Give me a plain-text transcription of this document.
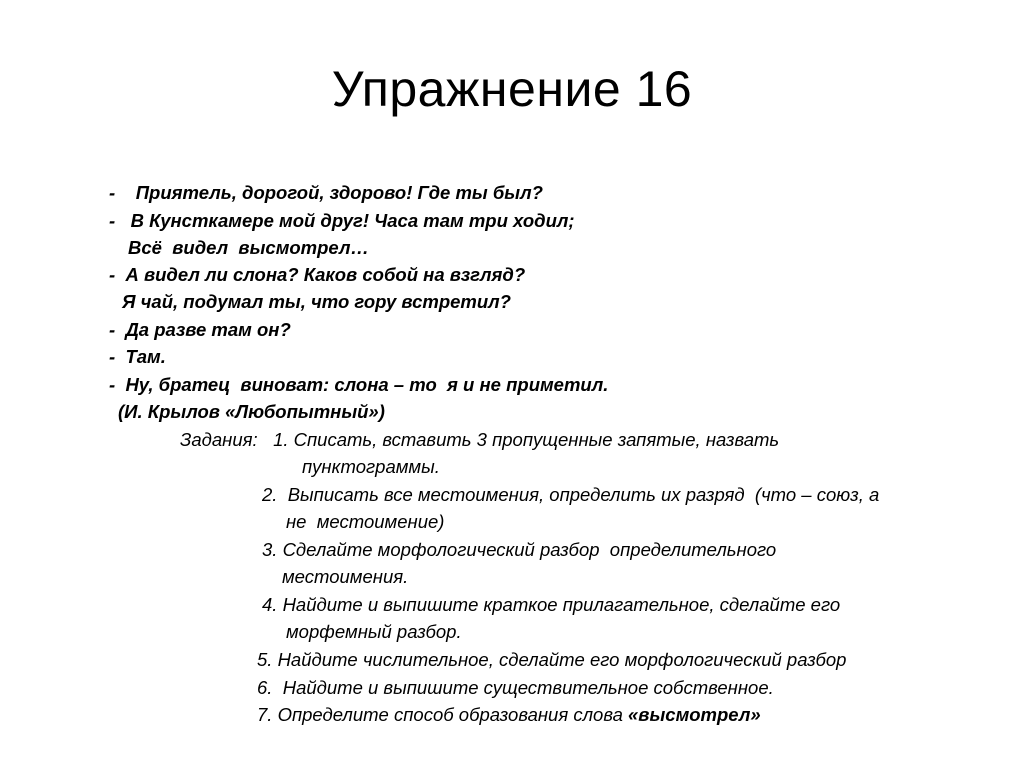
Упражнение 16
-    Приятель, дорогой, здорово! Где ты был?
-   В Кунсткамере мой друг! Часа там три ходил;
Всё  видел  высмотрел…
-  А видел ли слона? Каков собой на взгляд?
Я чай, подумал ты, что гору встретил?
-  Да разве там он?
-  Там.
-  Ну, братец  виноват: слона – то  я и не приметил.
(И. Крылов «Любопытный»)
Задания:   1. Списать, вставить 3 пропущенные запятые, назвать
пунктограммы.
2.  Выписать все местоимения, определить их разряд  (что – союз, а
не  местоимение)
3. Сделайте морфологический разбор  определительного
местоимения.
4. Найдите и выпишите краткое прилагательное, сделайте его
морфемный разбор.
5. Найдите числительное, сделайте его морфологический разбор
6.  Найдите и выпишите существительное собственное.
7. Определите способ образования слова «высмотрел»
